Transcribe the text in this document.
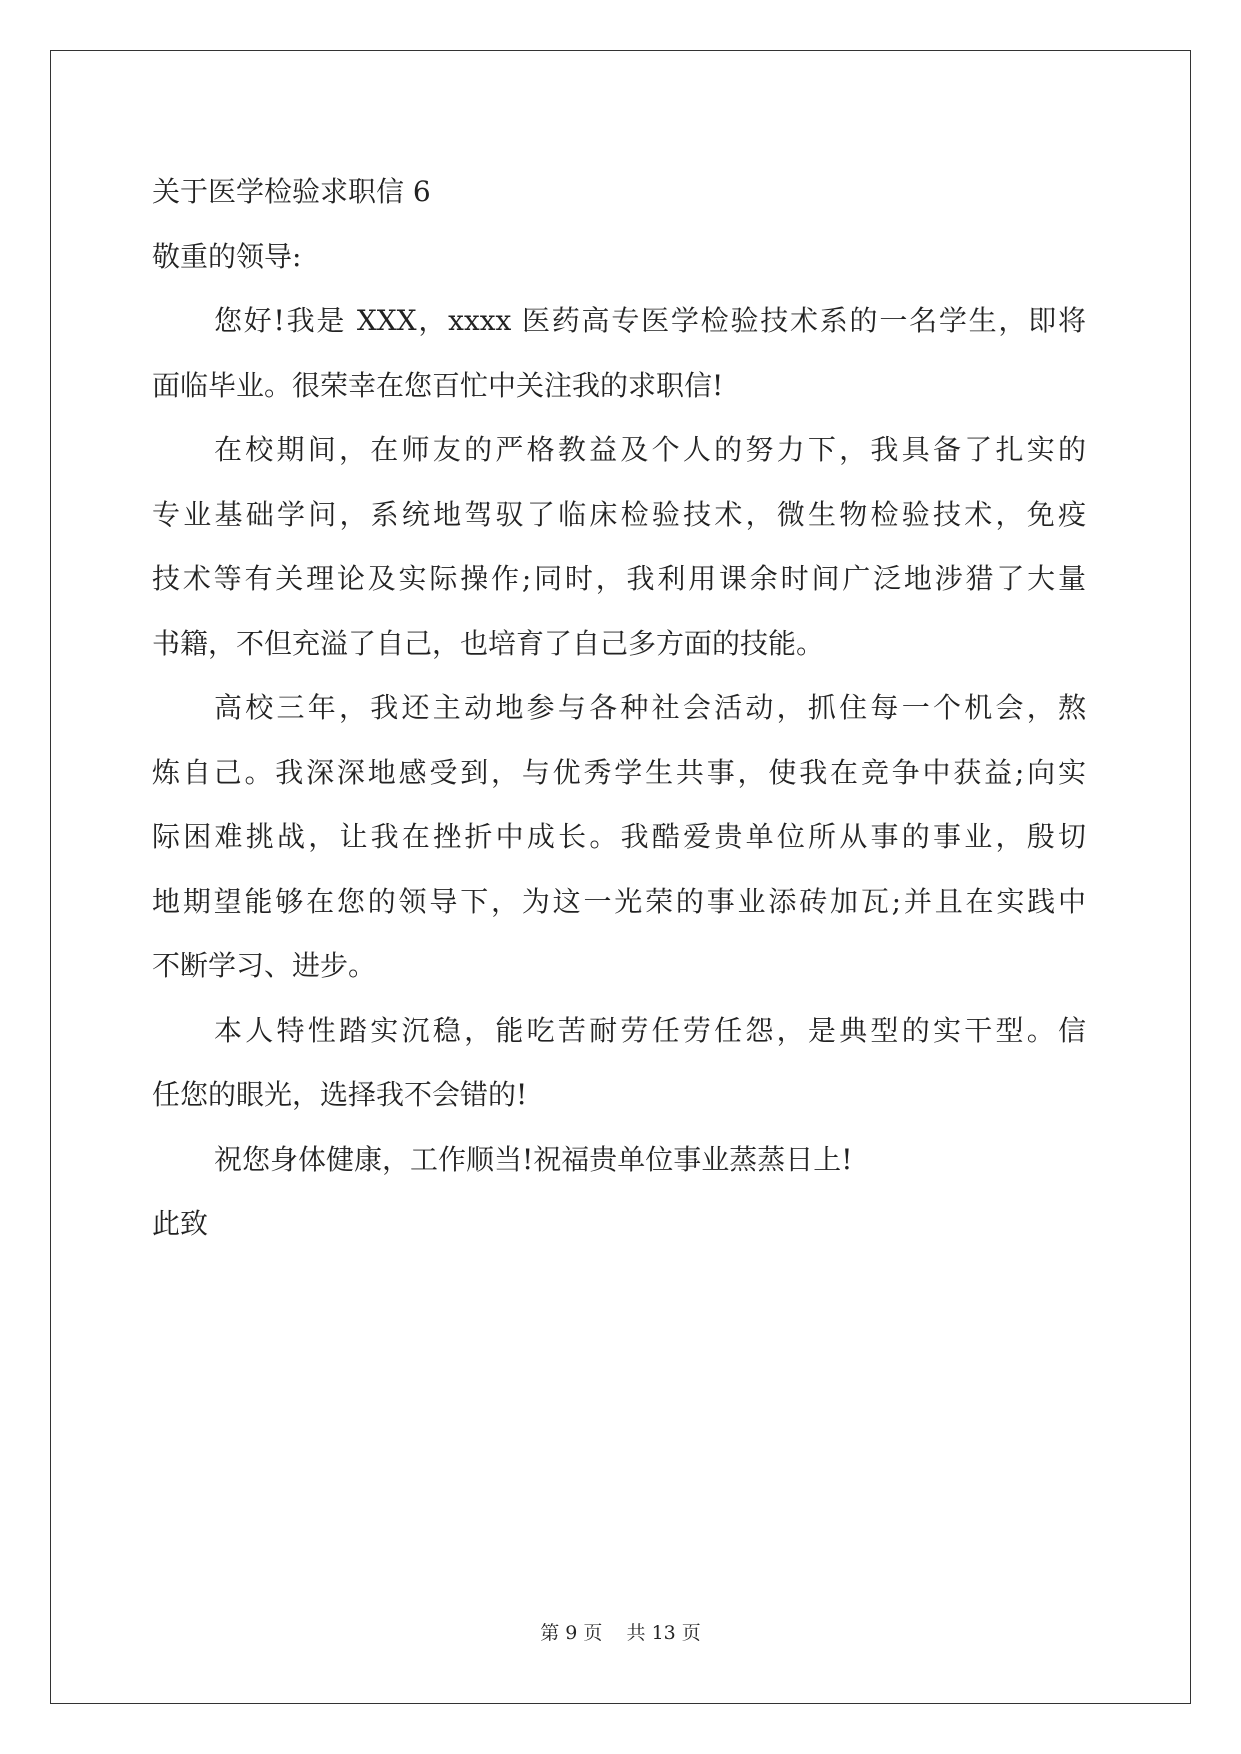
关于医学检验求职信 6
敬重的领导:
您好!我是 XXX，xxxx 医药高专医学检验技术系的一名学生，即将
面临毕业。很荣幸在您百忙中关注我的求职信!
在校期间，在师友的严格教益及个人的努力下，我具备了扎实的
专业基础学问，系统地驾驭了临床检验技术，微生物检验技术，免疫
技术等有关理论及实际操作;同时，我利用课余时间广泛地涉猎了大量
书籍，不但充溢了自己，也培育了自己多方面的技能。
高校三年，我还主动地参与各种社会活动，抓住每一个机会，熬
炼自己。我深深地感受到，与优秀学生共事，使我在竞争中获益;向实
际困难挑战，让我在挫折中成长。我酷爱贵单位所从事的事业，殷切
地期望能够在您的领导下，为这一光荣的事业添砖加瓦;并且在实践中
不断学习、进步。
本人特性踏实沉稳，能吃苦耐劳任劳任怨，是典型的实干型。信
任您的眼光，选择我不会错的!
祝您身体健康，工作顺当!祝福贵单位事业蒸蒸日上!
此致
第 9 页 共 13 页
